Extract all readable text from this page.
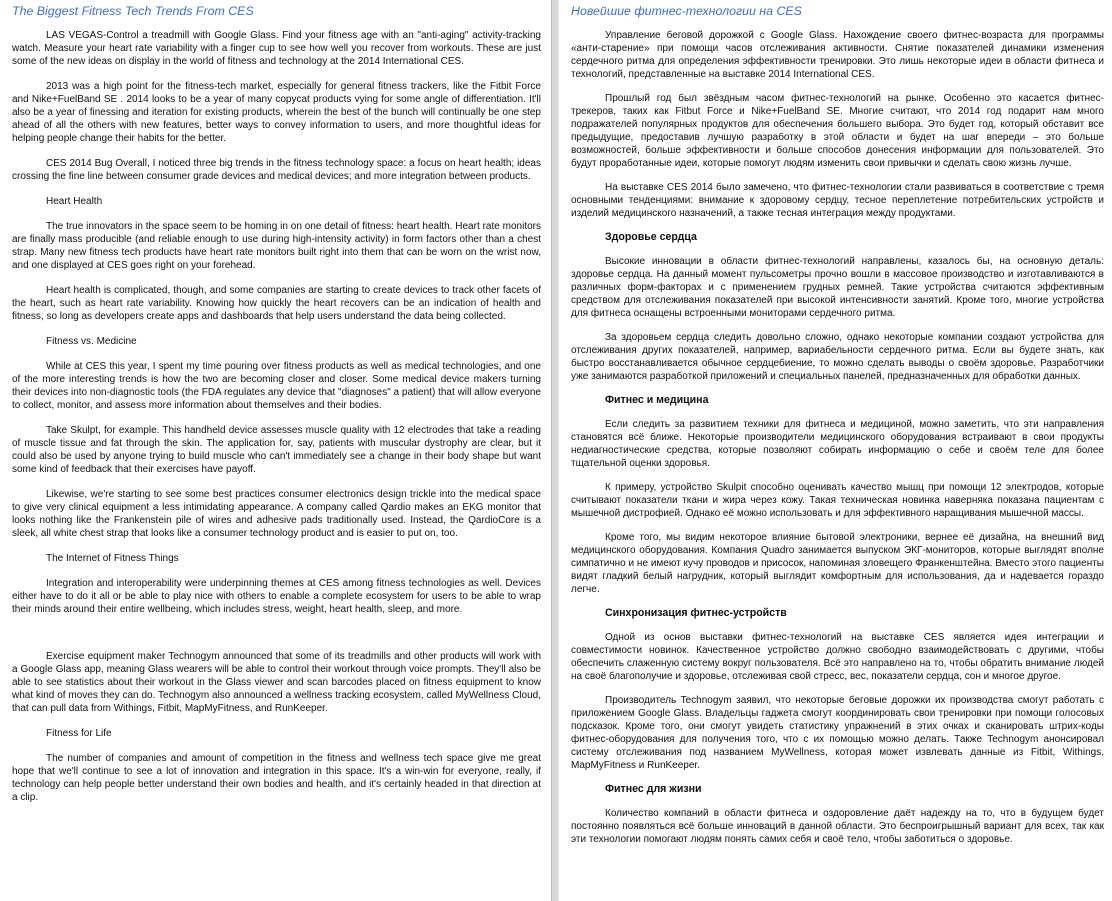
The Biggest Fitness Tech Trends From CES

LAS VEGAS-Control a treadmill with Google Glass. Find your fitness age with an "anti-aging" activity-tracking watch. Measure your heart rate variability with a finger cup to see how well you recover from workouts. These are just some of the new ideas on display in the world of fitness and technology at the 2014 International CES.

2013 was a high point for the fitness-tech market, especially for general fitness trackers, like the Fitbit Force and Nike+FuelBand SE . 2014 looks to be a year of many copycat products vying for some angle of differentiation. It'll also be a year of finessing and iteration for existing products, wherein the best of the bunch will continually be one step ahead of all the others with new features, better ways to convey information to users, and more thoughtful ideas for helping people change their habits for the better.

CES 2014 Bug Overall, I noticed three big trends in the fitness technology space: a focus on heart health; ideas crossing the fine line between consumer grade devices and medical devices; and more integration between products.

Heart Health

The true innovators in the space seem to be homing in on one detail of fitness: heart health. Heart rate monitors are finally mass producible (and reliable enough to use during high-intensity activity) in form factors other than a chest strap. Many new fitness tech products have heart rate monitors built right into them that can be worn on the wrist now, and one displayed at CES goes right on your forehead.

Heart health is complicated, though, and some companies are starting to create devices to track other facets of the heart, such as heart rate variability. Knowing how quickly the heart recovers can be an indication of health and fitness, so long as developers create apps and dashboards that help users understand the data being collected.

Fitness vs. Medicine

While at CES this year, I spent my time pouring over fitness products as well as medical technologies, and one of the more interesting trends is how the two are becoming closer and closer. Some medical device makers turning their devices into non-diagnostic tools (the FDA regulates any device that "diagnoses" a patient) that will allow everyone to collect, monitor, and assess more information about themselves and their bodies.

Take Skulpt, for example. This handheld device assesses muscle quality with 12 electrodes that take a reading of muscle tissue and fat through the skin. The application for, say, patients with muscular dystrophy are clear, but it could also be used by anyone trying to build muscle who can't immediately see a change in their body shape but want some kind of feedback that their exercises have payoff.

Likewise, we're starting to see some best practices consumer electronics design trickle into the medical space to give very clinical equipment a less intimidating appearance. A company called Qardio makes an EKG monitor that looks nothing like the Frankenstein pile of wires and adhesive pads traditionally used. Instead, the QardioCore is a sleek, all white chest strap that looks like a consumer technology product and is easier to put on, too.

The Internet of Fitness Things

Integration and interoperability were underpinning themes at CES among fitness technologies as well. Devices either have to do it all or be able to play nice with others to enable a complete ecosystem for users to be able to wrap their minds around their entire wellbeing, which includes stress, weight, heart health, sleep, and more.

Exercise equipment maker Technogym announced that some of its treadmills and other products will work with a Google Glass app, meaning Glass wearers will be able to control their workout through voice prompts. They'll also be able to see statistics about their workout in the Glass viewer and scan barcodes placed on fitness equipment to know what kind of moves they can do. Technogym also announced a wellness tracking ecosystem, called MyWellness Cloud, that can pull data from Withings, Fitbit, MapMyFitness, and RunKeeper.

Fitness for Life

The number of companies and amount of competition in the fitness and wellness tech space give me great hope that we'll continue to see a lot of innovation and integration in this space. It's a win-win for everyone, really, if technology can help people better understand their own bodies and health, and it's certainly headed in that direction at a clip.

Новейшие фитнес-технологии на CES

Управление беговой дорожкой с Google Glass. Нахождение своего фитнес-возраста для программы «анти-старение» при помощи часов отслеживания активности. Снятие показателей динамики изменения сердечного ритма для определения эффективности тренировки. Это лишь некоторые идеи в области фитнеса и технологий, представленные на выставке 2014 International CES.

Прошлый год был звёздным часом фитнес-технологий на рынке. Особенно это касается фитнес-трекеров, таких как Fitbut Force и Nike+FuelBand SE. Многие считают, что 2014 год подарит нам много подражателей популярных продуктов для обеспечения большего выбора. Это будет год, который обставит все предыдущие, предоставив лучшую разработку в этой области и будет на шаг впереди – это больше возможностей, больше эффективности и больше способов донесения информации для пользователей. Это будут проработанные идеи, которые помогут людям изменить свои привычки и сделать свою жизнь лучше.

На выставке CES 2014 было замечено, что фитнес-технологии стали развиваться в соответствие с тремя основными тенденциями: внимание к здоровому сердцу, тесное переплетение потребительских устройств и изделий медицинского назначений, а также тесная интеграция между продуктами.

Здоровье сердца

Высокие инновации в области фитнес-технологий направлены, казалось бы, на основную деталь: здоровье сердца. На данный момент пульсометры прочно вошли в массовое производство и изготавливаются в различных форм-факторах и с применением грудных ремней. Такие устройства считаются эффективным средством для отслеживания показателей при высокой интенсивности занятий. Кроме того, многие устройства для фитнеса оснащены встроенными мониторами сердечного ритма.

За здоровьем сердца следить довольно сложно, однако некоторые компании создают устройства для отслеживания других показателей, например, вариабельности сердечного ритма. Если вы будете знать, как быстро восстанавливается обычное сердцебиение, то можно сделать выводы о своём здоровье. Разработчики уже занимаются разработкой приложений и специальных панелей, предназначенных для обработки данных.

Фитнес и медицина

Если следить за развитием техники для фитнеса и медициной, можно заметить, что эти направления становятся всё ближе. Некоторые производители медицинского оборудования встраивают в свои продукты недиагностические средства, которые позволяют собирать информацию о себе и своём теле для более тщательной оценки здоровья.

К примеру, устройство Skulpit способно оценивать качество мышц при помощи 12 электродов, которые считывают показатели ткани и жира через кожу. Такая техническая новинка наверняка показана пациентам с мышечной дистрофией. Однако её можно использовать и для эффективного наращивания мышечной массы.

Кроме того, мы видим некоторое влияние бытовой электроники, вернее её дизайна, на внешний вид медицинского оборудования. Компания Quadro занимается выпуском ЭКГ-мониторов, которые выглядят вполне симпатично и не имеют кучу проводов и присосок, напоминая зловещего Франкенштейна. Вместо этого пациенты видят гладкий белый нагрудник, который выглядит комфортным для использования, да и надевается гораздо легче.

Синхронизация фитнес-устройств

Одной из основ выставки фитнес-технологий на выставке CES является идея интеграции и совместимости новинок. Качественное устройство должно свободно взаимодействовать с другими, чтобы обеспечить слаженную систему вокруг пользователя. Всё это направлено на то, чтобы обратить внимание людей на своё благополучие и здоровье, отслеживая свой стресс, вес, показатели сердца, сон и многое другое.

Производитель Technogym заявил, что некоторые беговые дорожки их производства смогут работать с приложением Google Glass. Владельцы гаджета смогут координировать свои тренировки при помощи голосовых подсказок. Кроме того, они смогут увидеть статистику упражнений в этих очках и сканировать штрих-коды фитнес-оборудования для получения того, что с их помощью можно делать. Также Technogym анонсировал систему отслеживания под названием MyWellness, которая может извлевать данные из Fitbit, Withings, MapMyFitness и RunKeeper.

Фитнес для жизни

Количество компаний в области фитнеса и оздоровление даёт надежду на то, что в будущем будет постоянно появляться всё больше инноваций в данной области. Это беспроигрышный вариант для всех, так как эти технологии помогают людям понять самих себя и своё тело, чтобы заботиться о здоровье.
